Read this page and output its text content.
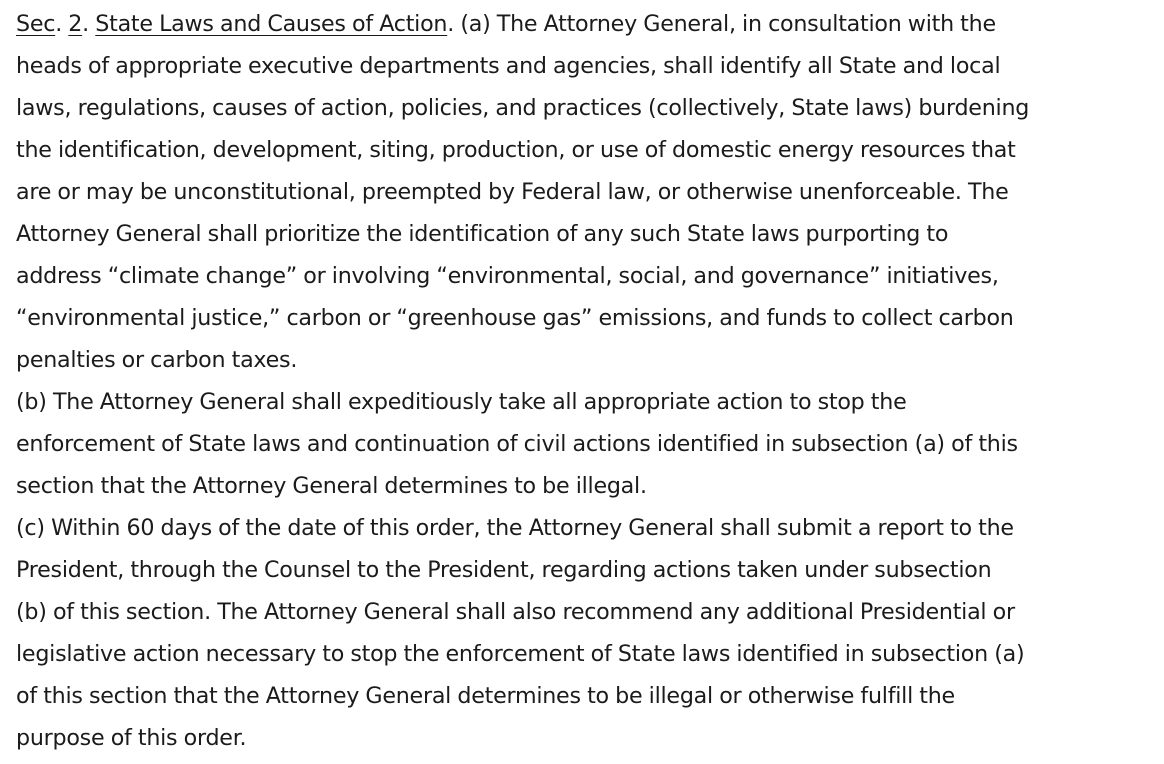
Sec. 2. State Laws and Causes of Action. (a) The Attorney General, in consultation with the
heads of appropriate executive departments and agencies, shall identify all State and local
laws, regulations, causes of action, policies, and practices (collectively, State laws) burdening
the identification, development, siting, production, or use of domestic energy resources that
are or may be unconstitutional, preempted by Federal law, or otherwise unenforceable. The
Attorney General shall prioritize the identification of any such State laws purporting to
address “climate change” or involving “environmental, social, and governance” initiatives,
“environmental justice,” carbon or “greenhouse gas” emissions, and funds to collect carbon
penalties or carbon taxes.
(b) The Attorney General shall expeditiously take all appropriate action to stop the
enforcement of State laws and continuation of civil actions identified in subsection (a) of this
section that the Attorney General determines to be illegal.
(c) Within 60 days of the date of this order, the Attorney General shall submit a report to the
President, through the Counsel to the President, regarding actions taken under subsection
(b) of this section. The Attorney General shall also recommend any additional Presidential or
legislative action necessary to stop the enforcement of State laws identified in subsection (a)
of this section that the Attorney General determines to be illegal or otherwise fulfill the
purpose of this order.
